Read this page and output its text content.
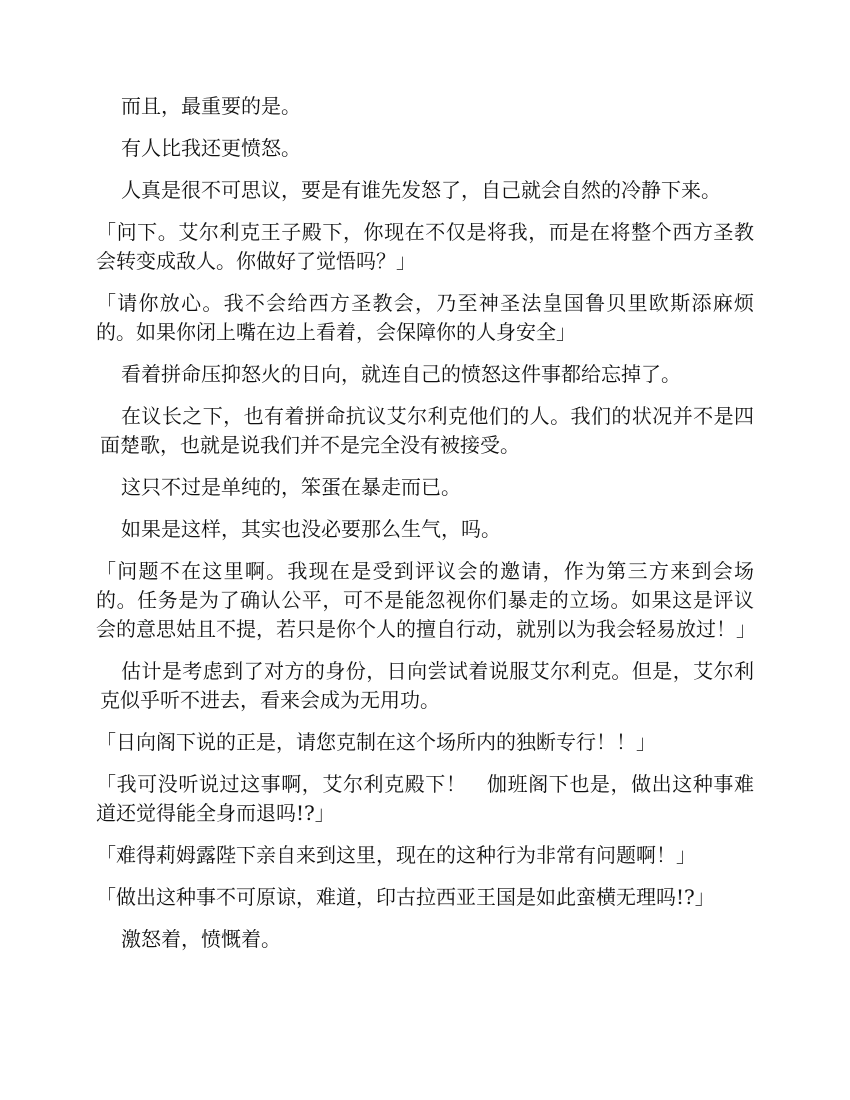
而且，最重要的是。

有人比我还更愤怒。

人真是很不可思议，要是有谁先发怒了，自己就会自然的冷静下来。

「问下。艾尔利克王子殿下，你现在不仅是将我，而是在将整个西方圣教会转变成敌人。你做好了觉悟吗？」

「请你放心。我不会给西方圣教会，乃至神圣法皇国鲁贝里欧斯添麻烦的。如果你闭上嘴在边上看着，会保障你的人身安全」

看着拼命压抑怒火的日向，就连自己的愤怒这件事都给忘掉了。

在议长之下，也有着拼命抗议艾尔利克他们的人。我们的状况并不是四面楚歌，也就是说我们并不是完全没有被接受。

这只不过是单纯的，笨蛋在暴走而已。

如果是这样，其实也没必要那么生气，吗。

「问题不在这里啊。我现在是受到评议会的邀请，作为第三方来到会场的。任务是为了确认公平，可不是能忽视你们暴走的立场。如果这是评议会的意思姑且不提，若只是你个人的擅自行动，就别以为我会轻易放过！」

估计是考虑到了对方的身份，日向尝试着说服艾尔利克。但是，艾尔利克似乎听不进去，看来会成为无用功。

「日向阁下说的正是，请您克制在这个场所内的独断专行！！」

「我可没听说过这事啊，艾尔利克殿下！　伽班阁下也是，做出这种事难道还觉得能全身而退吗!?」

「难得莉姆露陛下亲自来到这里，现在的这种行为非常有问题啊！」

「做出这种事不可原谅，难道，印古拉西亚王国是如此蛮横无理吗!?」

激怒着，愤慨着。
